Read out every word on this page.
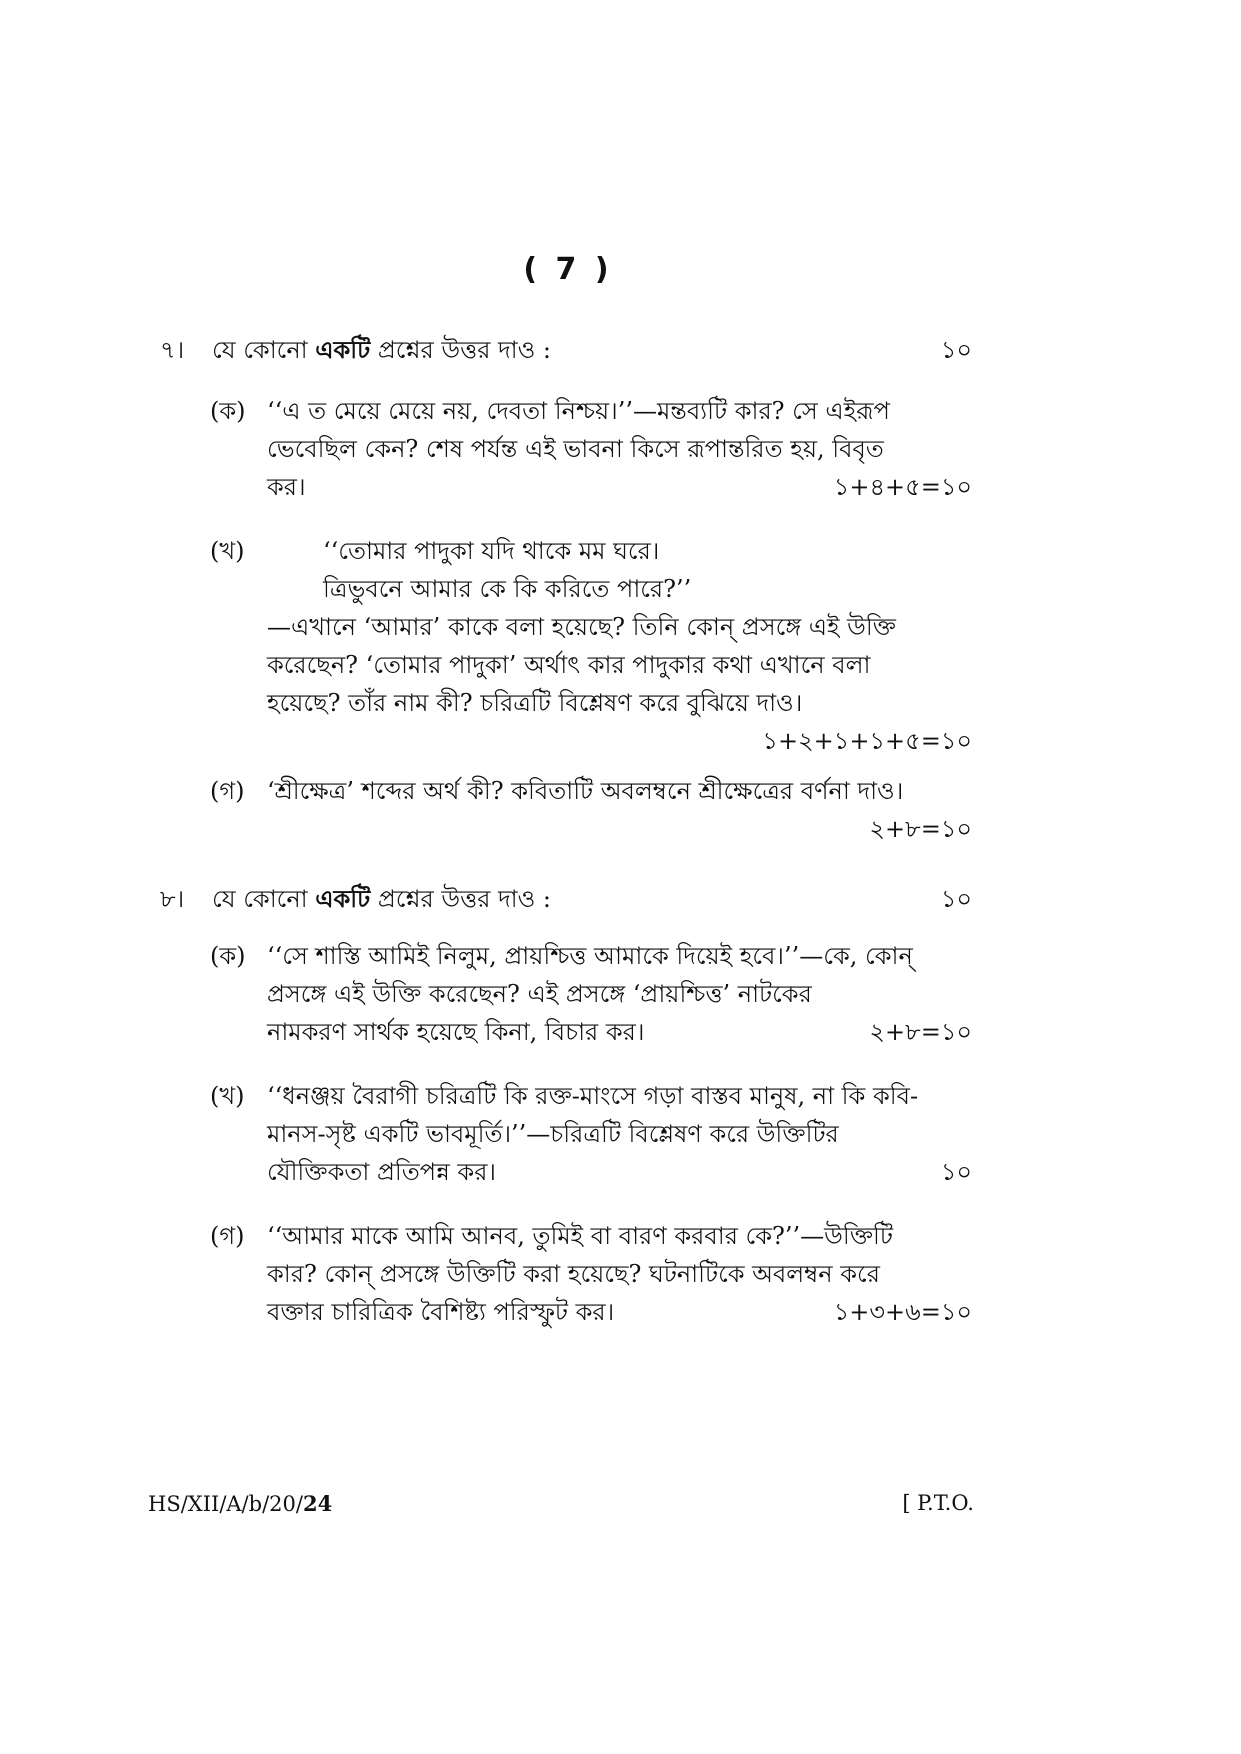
( 7 )
৭। যে কোনো একটি প্রশ্নের উত্তর দাও :	১০
(ক) ‘‘এ ত মেয়ে মেয়ে নয়, দেবতা নিশ্চয়।’’—মন্তব্যটি কার? সে এইরূপ
ভেবেছিল কেন? শেষ পর্যন্ত এই ভাবনা কিসে রূপান্তরিত হয়, বিবৃত
কর।	১+৪+৫=১০
(খ)	‘‘তোমার পাদুকা যদি থাকে মম ঘরে।
ত্রিভুবনে আমার কে কি করিতে পারে?’’
—এখানে ‘আমার’ কাকে বলা হয়েছে? তিনি কোন্ প্রসঙ্গে এই উক্তি
করেছেন? ‘তোমার পাদুকা’ অর্থাৎ কার পাদুকার কথা এখানে বলা
হয়েছে? তাঁর নাম কী? চরিত্রটি বিশ্লেষণ করে বুঝিয়ে দাও।
১+২+১+১+৫=১০
(গ) ‘শ্রীক্ষেত্র’ শব্দের অর্থ কী? কবিতাটি অবলম্বনে শ্রীক্ষেত্রের বর্ণনা দাও।
২+৮=১০
৮। যে কোনো একটি প্রশ্নের উত্তর দাও :	১০
(ক) ‘‘সে শাস্তি আমিই নিলুম, প্রায়শ্চিত্ত আমাকে দিয়েই হবে।’’—কে, কোন্
প্রসঙ্গে এই উক্তি করেছেন? এই প্রসঙ্গে ‘প্রায়শ্চিত্ত’ নাটকের
নামকরণ সার্থক হয়েছে কিনা, বিচার কর।	২+৮=১০
(খ) ‘‘ধনঞ্জয় বৈরাগী চরিত্রটি কি রক্ত-মাংসে গড়া বাস্তব মানুষ, না কি কবি-
মানস-সৃষ্ট একটি ভাবমূর্তি।’’—চরিত্রটি বিশ্লেষণ করে উক্তিটির
যৌক্তিকতা প্রতিপন্ন কর।	১০
(গ) ‘‘আমার মাকে আমি আনব, তুমিই বা বারণ করবার কে?’’—উক্তিটি
কার? কোন্ প্রসঙ্গে উক্তিটি করা হয়েছে? ঘটনাটিকে অবলম্বন করে
বক্তার চারিত্রিক বৈশিষ্ট্য পরিস্ফুট কর।	১+৩+৬=১০
HS/XII/A/b/20/24	[ P.T.O.
